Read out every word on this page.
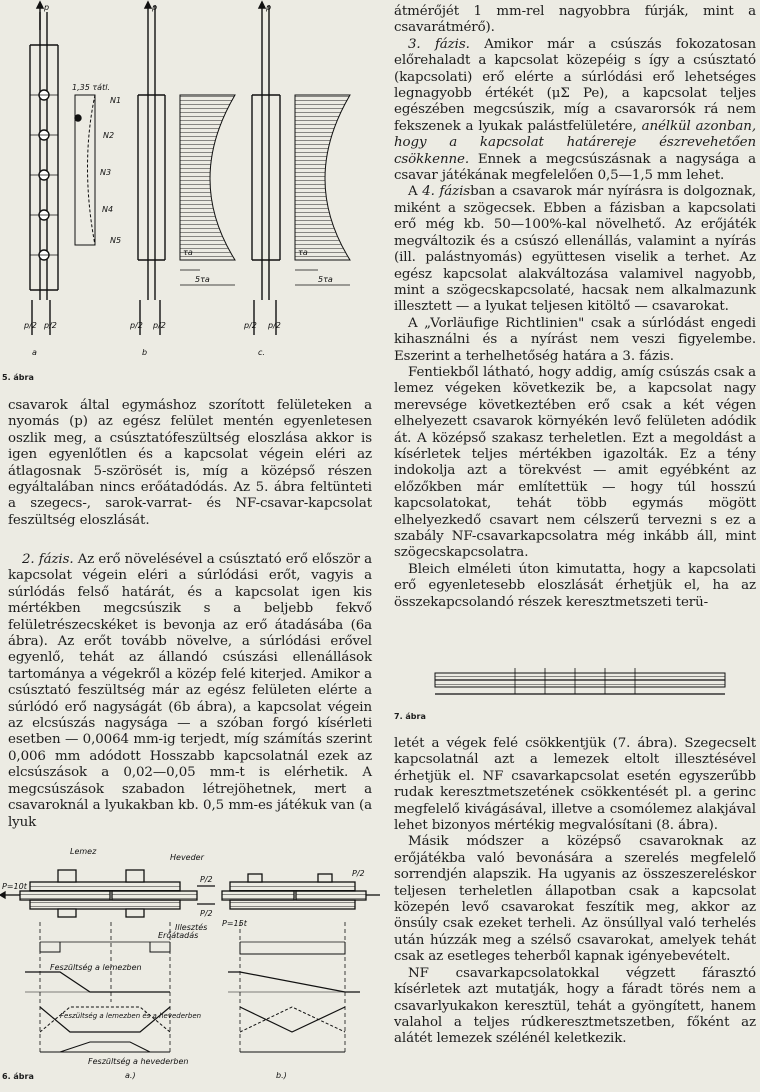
p
1,35 τátl.
N1
N2
N3
N4
N5
p/2 p/2
a
p
τa
5τa
p/2 p/2
b
p
τa
5τa
p/2 p/2
c.
5. ábra

csavarok által egymáshoz szorított felületeken a nyomás (p) az egész felület mentén egyenletesen oszlik meg, a csúsztatófeszültség eloszlása akkor is igen egyenlőtlen és a kapcsolat végein eléri az átlagosnak 5-szörösét is, míg a középső részen egyáltalában nincs erőátadódás. Az 5. ábra feltünteti a szegecs-, sarok-varrat- és NF-csavar-kapcsolat feszültség eloszlását.

2. fázis. Az erő növelésével a csúsztató erő először a kapcsolat végein eléri a súrlódási erőt, vagyis a súrlódás felső határát, és a kapcsolat igen kis mértékben megcsúszik s a beljebb fekvő felületrészecskéket is bevonja az erő átadásába (6a ábra). Az erőt tovább növelve, a súrlódási erővel egyenlő, tehát az állandó csúszási ellenállások tartománya a végekről a közép felé kiterjed. Amikor a csúsztató feszültség már az egész felületen elérte a súrlódó erő nagyságát (6b ábra), a kapcsolat végein az elcsúszás nagysága — a szóban forgó kísérleti esetben — 0,0064 mm-ig terjedt, míg számítás szerint 0,006 mm adódott Hosszabb kapcsolatnál ezek az elcsúszások a 0,02—0,05 mm-t is elérhetik. A megcsúszások szabadon létrejöhetnek, mert a csavaroknál a lyukakban kb. 0,5 mm-es játékuk van (a lyuk

Lemez
Heveder
P=10t
P/2
P/2
Illesztés P=15t
P/2
Erőátadás
Feszültség a lemezben
Feszültség a lemezben és a hevederben
Feszültség a hevederben
a.)	b.)
6. ábra

átmérőjét 1 mm-rel nagyobbra fúrják, mint a csavarátmérő).

3. fázis. Amikor már a csúszás fokozatosan előrehaladt a kapcsolat közepéig s így a csúsztató (kapcsolati) erő elérte a súrlódási erő lehetséges legnagyobb értékét (μΣ Pe), a kapcsolat teljes egészében megcsúszik, míg a csavarorsók rá nem fekszenek a lyukak palástfelületére, anélkül azonban, hogy a kapcsolat határereje észrevehetően csökkenne. Ennek a megcsúszásnak a nagysága a csavar játékának megfelelően 0,5—1,5 mm lehet.

A 4. fázisban a csavarok már nyírásra is dolgoznak, miként a szögecsek. Ebben a fázisban a kapcsolati erő még kb. 50—100%-kal növelhető. Az erőjáték megváltozik és a csúszó ellenállás, valamint a nyírás (ill. palástnyomás) együttesen viselik a terhet. Az egész kapcsolat alakváltozása valamivel nagyobb, mint a szögecskapcsolaté, hacsak nem alkalmazunk illesztett — a lyukat teljesen kitöltő — csavarokat.

A „Vorläufige Richtlinien" csak a súrlódást engedi kihasználni és a nyírást nem veszi figyelembe. Eszerint a terhelhetőség határa a 3. fázis.

Fentiekből látható, hogy addig, amíg csúszás csak a lemez végeken következik be, a kapcsolat nagy merevsége következtében erő csak a két végen elhelyezett csavarok környékén levő felületen adódik át. A középső szakasz terheletlen. Ezt a megoldást a kísérletek teljes mértékben igazolták. Ez a tény indokolja azt a törekvést — amit egyébként az előzőkben már említettük — hogy túl hosszú kapcsolatokat, tehát több egymás mögött elhelyezkedő csavart nem célszerű tervezni s ez a szabály NF-csavarkapcsolatra még inkább áll, mint szögecskapcsolatra.

Bleich elméleti úton kimutatta, hogy a kapcsolati erő egyenletesebb eloszlását érhetjük el, ha az összekapcsolandó részek keresztmetszeti terü-

7. ábra

letét a végek felé csökkentjük (7. ábra). Szegecselt kapcsolatnál azt a lemezek eltolt illesztésével érhetjük el. NF csavarkapcsolat esetén egyszerűbb rudak keresztmetszetének csökkentését pl. a gerinc megfelelő kivágásával, illetve a csomólemez alakjával lehet bizonyos mértékig megvalósítani (8. ábra).

Másik módszer a középső csavaroknak az erőjátékba való bevonására a szerelés megfelelő sorrendjén alapszik. Ha ugyanis az összeszereléskor teljesen terheletlen állapotban csak a kapcsolat közepén levő csavarokat feszítik meg, akkor az önsúly csak ezeket terheli. Az önsúllyal való terhelés után húzzák meg a szélső csavarokat, amelyek tehát csak az esetleges teherből kapnak igényebevételt.

NF csavarkapcsolatokkal végzett fárasztó kísérletek azt mutatják, hogy a fáradt törés nem a csavarlyukakon keresztül, tehát a gyöngített, hanem valahol a teljes rúdkeresztmetszetben, főként az alátét lemezek szélénél keletkezik.
